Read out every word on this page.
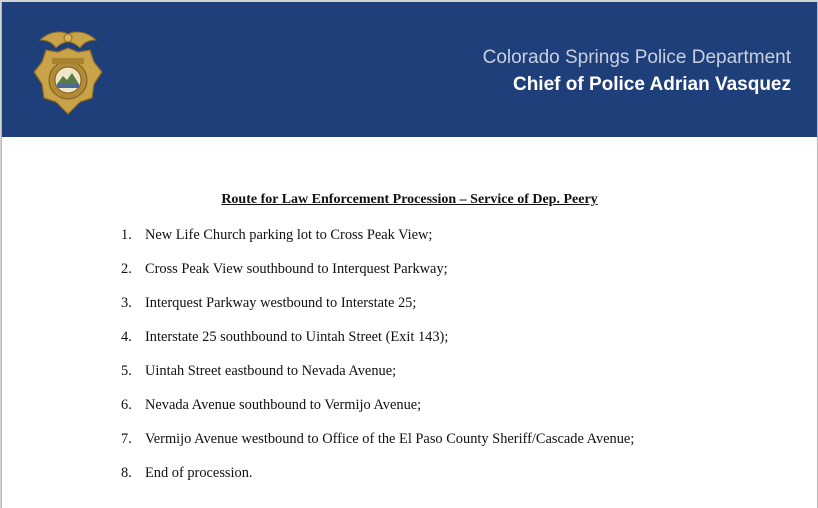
Colorado Springs Police Department
Chief of Police Adrian Vasquez
Route for Law Enforcement Procession – Service of Dep. Peery
1. New Life Church parking lot to Cross Peak View;
2. Cross Peak View southbound to Interquest Parkway;
3. Interquest Parkway westbound to Interstate 25;
4. Interstate 25 southbound to Uintah Street (Exit 143);
5. Uintah Street eastbound to Nevada Avenue;
6. Nevada Avenue southbound to Vermijo Avenue;
7. Vermijo Avenue westbound to Office of the El Paso County Sheriff/Cascade Avenue;
8. End of procession.
